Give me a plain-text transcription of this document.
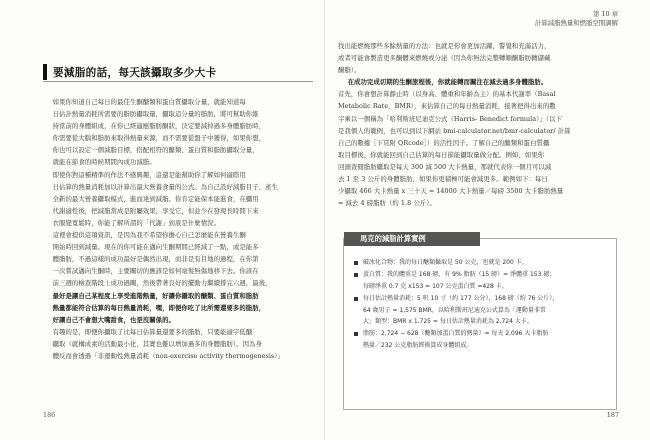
第 10 章
計算減脂熱量和燃脂空閒調解
要減脂的話，每天該攝取多少大卡

如果你知道自己每日的最佳生酮醣類和蛋白質攝取分量，就能知道每
日估計熱量消耗所需要的脂肪攝取量，攝取這分量的脂肪，將可幫助你維
持當前的身體組成，在你已經適應脂肪酮狀，決定要減掉過多身體脂肪時，
你需要從大腦和脂肪來取得熱量來源，而不需要從盤子中獲得，如果你想，
你也可以設定一個減脂目標，搭配相符的醣類、蛋白質和脂肪攝取分量，
就能在節食的時候期間內成功減脂。

即使你對這種精準的作法不感興趣，這還是能幫助你了解如何適際用
日估算的熱量消耗加以計算出最大營養食量的公式。為自己設好減脂目子，產生
全新的最大營養攝取模式，進而達到減脂。你肯定能保本能進食，在攝用
代謝適性後，把減脂當成是附屬效果，享受它，但並少在發現長時間下來
衣服變寬鬆時，你能了解所謂的「代謝」到底是什麼情況。

這裡會提供這項資訊，是因為我不希望你擔心自己怎麼能在營養生酮
開始時回到減量。現在的你可能在邁向生酮期間已經減了一點，或是能多
體脂肪，不過這樣的成功最好是偶然出現，而非是有目地的過程，在你第
一次嘗試邁向生酮時，主要關切的應該是如何毫髮無傷地移下去。你該在
前三週的檢查階段上成功過關，然後帶著良好的擺動力繼續撐完六週，最後，
最好是讓自己某程度上享受進階熱量，好讓你攝取的醣類、蛋白質和脂肪
熱量都能符合估算的每日熱量消耗，嘿，即便你吃了比所需還要多的脂肪，
好讓自己不會想大嘴甜食，也是沒關係的。

有趣的是，即便你攝取了比每日估算量還要多的脂肪，只要能適宇低醣
攝取（就構成素的活動最小化，其實也難以增加過多的身體脂肪）。因為身
體反而會透過「非運動性熱量消耗（non-exercise activity thermogenesis）」

186

找出能燃燒那些多餘熱量的方法：也就是你會更加活躍，警覺和充滿活力，
或者可能會製造更多酮體來燃燒或分泌（因為你無法完整轉順酮脂肪轉儲藏
酮脂）。

在成功完成切期的生酮旅程後，你就能轉而關注在減去過多身體脂肪。

首先，你會想計算靜止時（以身高、體重和年齡為主）的基本代謝率（Basal
Metabolic Rate，BMR），來估算自己的每日熱量消耗，接著把得出來的數
字乘以一個稱為「哈利斯班尼迪克公式（Harris- Benedict formula）」（以下
是我個人的範例，也可以到以下網站 bmi-calculator.net/bmr-calculator/ 計算
自己的數據［下頁附 QRcode］）的活性因子。了解自己的醣類和蛋白質攝
取目標後，你就能回到自己估算的每日節能攝取量做分配。例如，如果你
回頭查閱脂肪攝取是每天 300 減 500 大卡熱量，那就代表你一個月可以減
去 1 至 3 公斤的身體脂肪，如果你更積極可能會減更多。範例如下：每日
少攝取 466 大卡熱量 x 三十天 = 14000 大卡熱量／每磅 3500 大卡脂肪熱量
= 減去 4 磅脂肪（約 1.8 公斤）。

馬克的減脂計算實例
破冰化合物：我的每日醣類攝取是 50 公克，也就是 200 卡。
蛋白質：我的體重是 168 磅，有 9% 脂肪（15 磅）= 淨體重 153 磅；
每磅淨重 0.7 克 x153 = 107 公克蛋白質 =428 卡。
每日估計熱量消耗：5 呎 10 寸（約 177 公分），168 磅（約 76 公斤），
64 歲男子 = 1,575 BMR，以哈利斯班尼迪克公式算為「運動量非常
大」類型：BMR x 1.725 = 每日估計熱量消耗為 2,724 大卡。
脂肪：2,724 − 628（醣類加蛋白質的熱量）= 每天 2,096 大卡脂肪
熱量／232 公克脂肪經換算成身體組成。
187
